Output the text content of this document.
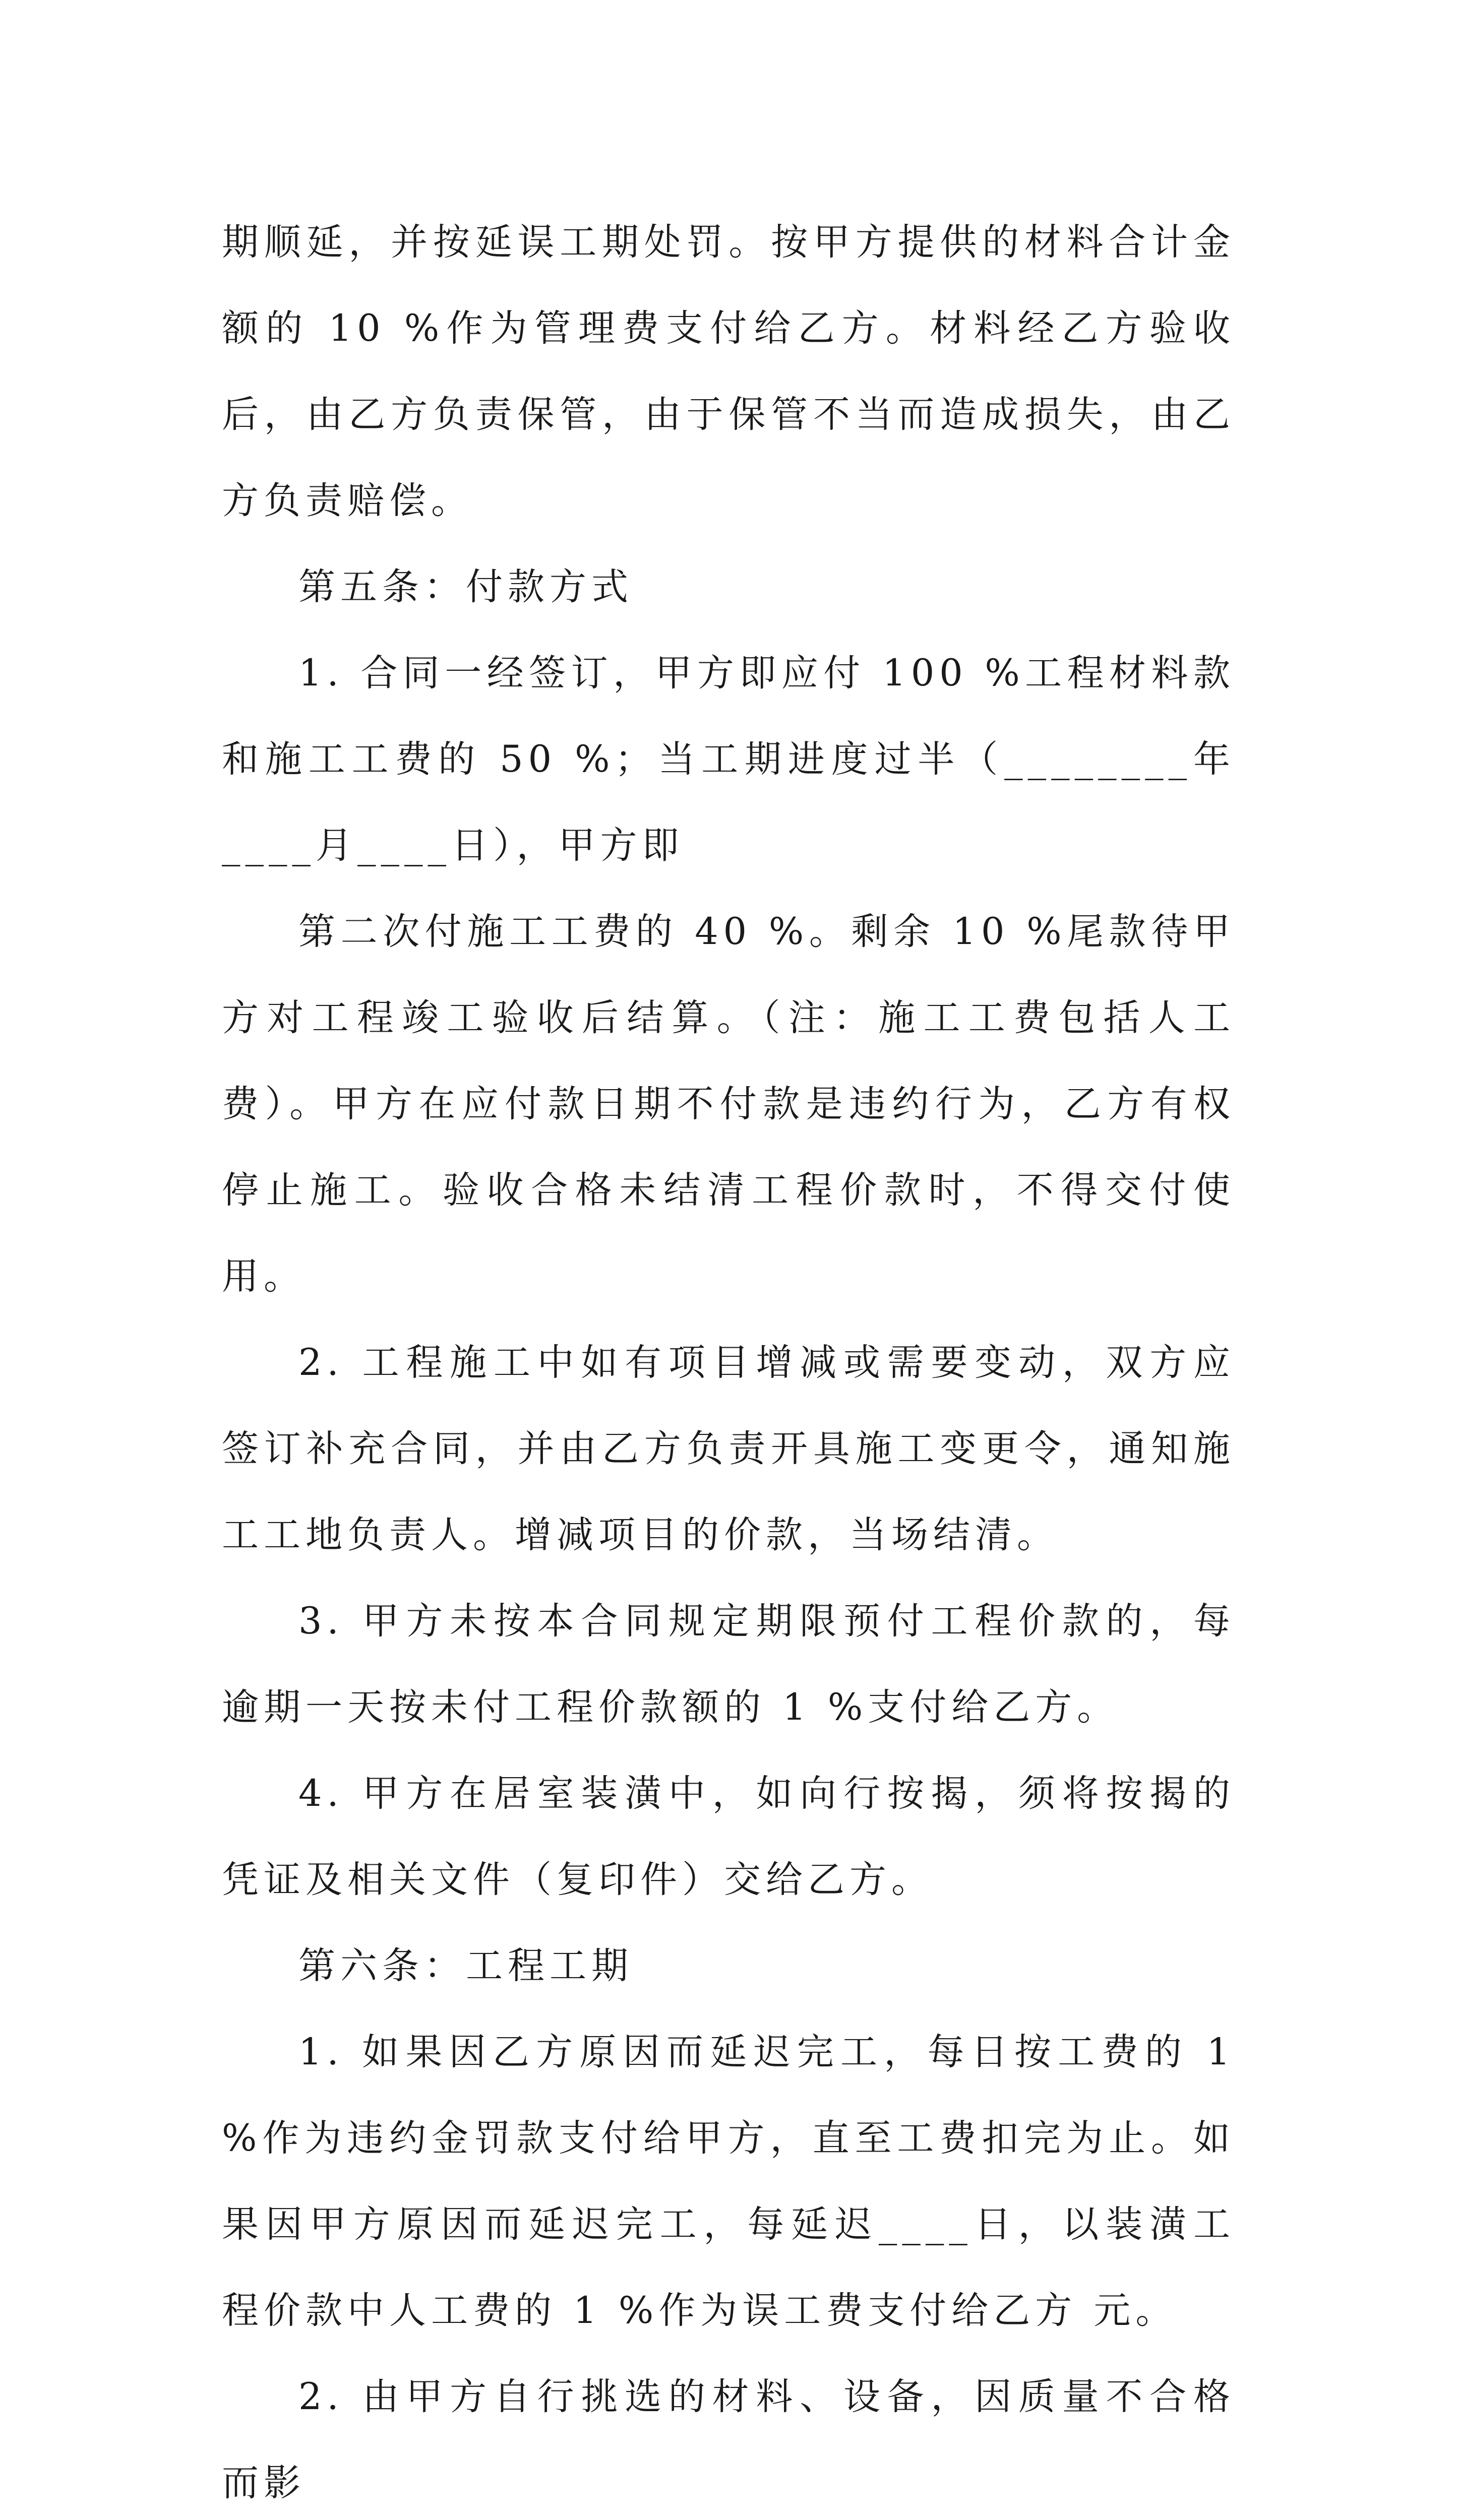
期顺延，并按延误工期处罚。按甲方提供的材料合计金额的 10 %作为管理费支付给乙方。材料经乙方验收后，由乙方负责保管，由于保管不当而造成损失，由乙方负责赔偿。

第五条：付款方式

1. 合同一经签订，甲方即应付 100 %工程材料款和施工工费的 50 %；当工期进度过半（________年____月____日），甲方即

第二次付施工工费的 40 %。剩余 10 %尾款待甲方对工程竣工验收后结算。（注：施工工费包括人工费）。甲方在应付款日期不付款是违约行为，乙方有权停止施工。验收合格未结清工程价款时，不得交付使用。

2. 工程施工中如有项目增减或需要变动，双方应签订补充合同，并由乙方负责开具施工变更令，通知施工工地负责人。增减项目的价款，当场结清。

3. 甲方未按本合同规定期限预付工程价款的，每逾期一天按未付工程价款额的 1 %支付给乙方。

4. 甲方在居室装潢中，如向行按揭，须将按揭的凭证及相关文件（复印件）交给乙方。

第六条：工程工期

1. 如果因乙方原因而延迟完工，每日按工费的 1 %作为违约金罚款支付给甲方，直至工费扣完为止。如果因甲方原因而延迟完工，每延迟____日，以装潢工程价款中人工费的 1 %作为误工费支付给乙方 元。

2. 由甲方自行挑选的材料、设备，因质量不合格而影
